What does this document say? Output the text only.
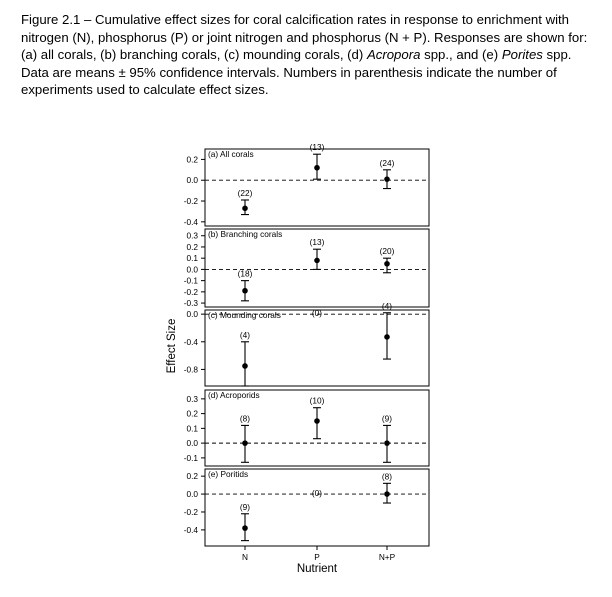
Figure 2.1 – Cumulative effect sizes for coral calcification rates in response to enrichment with
nitrogen (N), phosphorus (P) or joint nitrogen and phosphorus (N + P). Responses are shown for:
(a) all corals, (b) branching corals, (c) mounding corals, (d) Acropora spp., and (e) Porites spp.
Data are means ± 95% confidence intervals. Numbers in parenthesis indicate the number of
experiments used to calculate effect sizes.

(a) All corals
0.2
0.0
-0.2
-0.4
(22)
(13)
(24)
(b) Branching corals
0.3
0.2
0.1
0.0
-0.1
-0.2
-0.3
(18)
(13)
(20)
(c) Mounding corals
0.0
-0.4
-0.8
(4)
(0)
(4)
(d) Acroporids
0.3
0.2
0.1
0.0
-0.1
(8)
(10)
(9)
(e) Poritids
0.2
0.0
-0.2
-0.4
(9)
(0)
(8)
N	P	N+P
Nutrient
Effect Size
